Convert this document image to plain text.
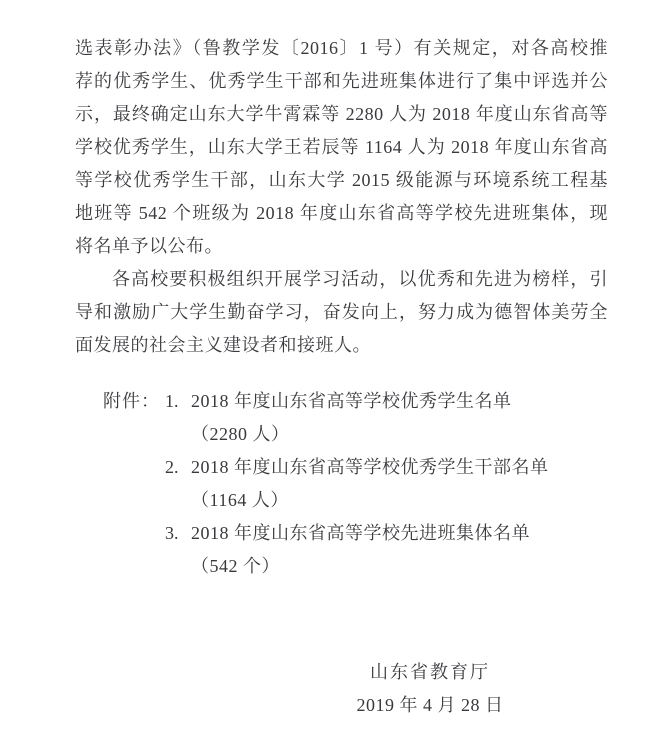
选表彰办法》（鲁教学发〔2016〕1 号）有关规定，对各高校推
荐的优秀学生、优秀学生干部和先进班集体进行了集中评选并公
示，最终确定山东大学牛霄霖等 2280 人为 2018 年度山东省高等
学校优秀学生，山东大学王若辰等 1164 人为 2018 年度山东省高
等学校优秀学生干部，山东大学 2015 级能源与环境系统工程基
地班等 542 个班级为 2018 年度山东省高等学校先进班集体，现
将名单予以公布。
各高校要积极组织开展学习活动，以优秀和先进为榜样，引
导和激励广大学生勤奋学习，奋发向上，努力成为德智体美劳全
面发展的社会主义建设者和接班人。
附件： 1. 2018 年度山东省高等学校优秀学生名单
（2280 人）
2. 2018 年度山东省高等学校优秀学生干部名单
（1164 人）
3. 2018 年度山东省高等学校先进班集体名单
（542 个）
山东省教育厅
2019 年 4 月 28 日
